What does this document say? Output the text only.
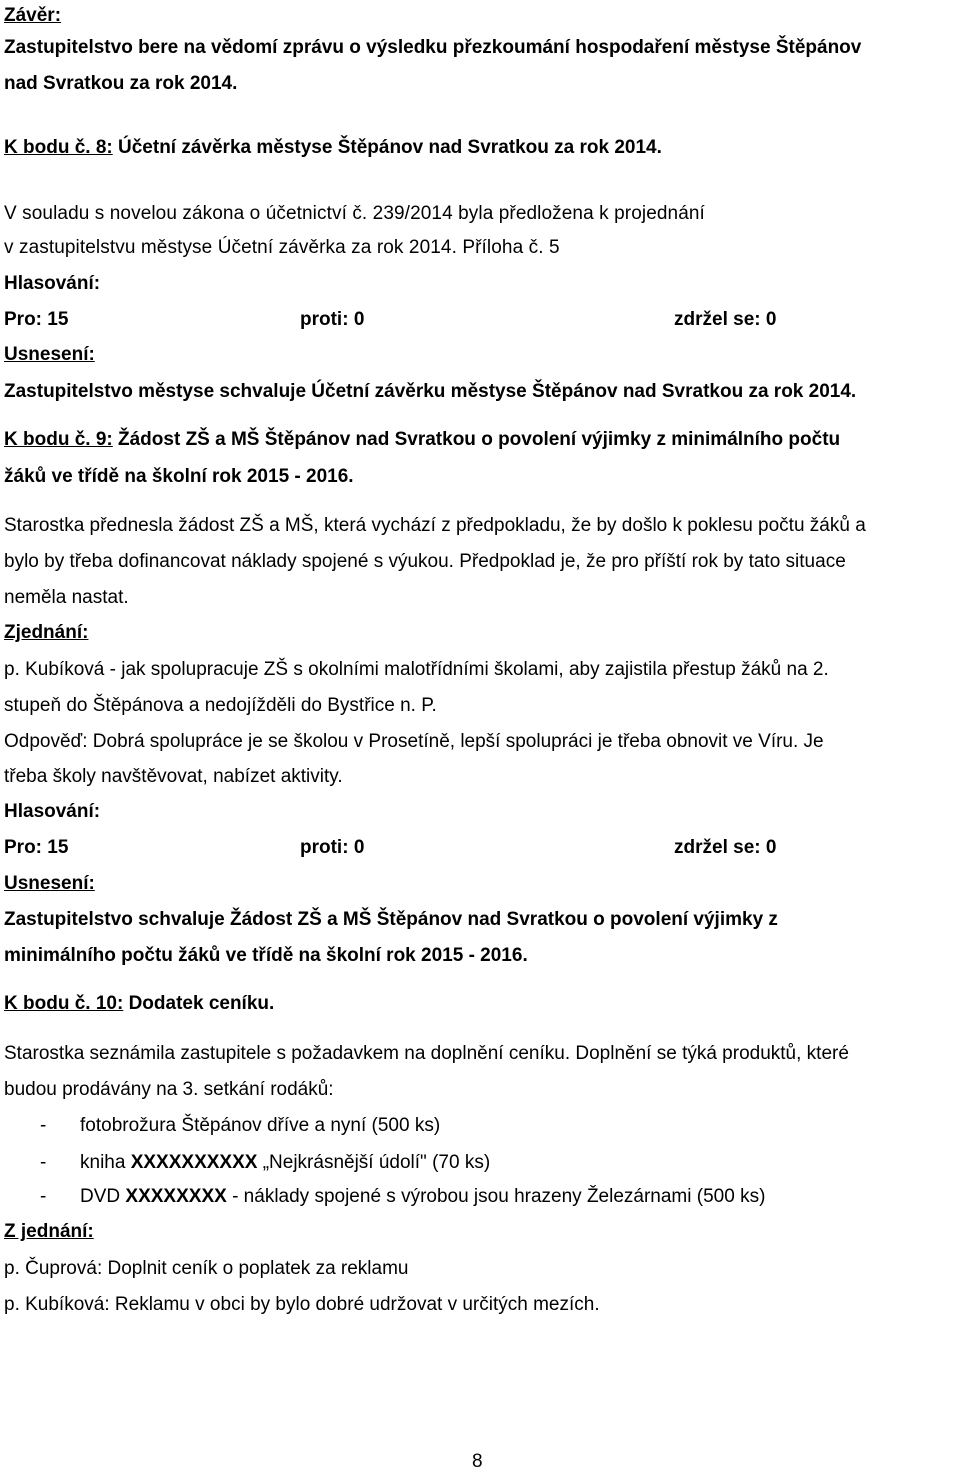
Závěr:
Zastupitelstvo bere na vědomí zprávu o výsledku přezkoumání hospodaření městyse Štěpánov
nad Svratkou za rok 2014.
K bodu č. 8: Účetní závěrka městyse Štěpánov nad Svratkou za rok 2014.
V souladu s novelou zákona o účetnictví č. 239/2014 byla předložena k projednání
v zastupitelstvu městyse Účetní závěrka za rok 2014. Příloha č. 5
Hlasování:
Pro: 15	proti: 0	zdržel se: 0
Usnesení:
Zastupitelstvo městyse schvaluje Účetní závěrku městyse Štěpánov nad Svratkou za rok 2014.
K bodu č. 9: Žádost ZŠ a MŠ Štěpánov nad Svratkou o povolení výjimky z minimálního počtu
žáků ve třídě na školní rok 2015 - 2016.
Starostka přednesla žádost ZŠ a MŠ, která vychází z předpokladu, že by došlo k poklesu počtu žáků a
bylo by třeba dofinancovat náklady spojené s výukou. Předpoklad je, že pro příští rok by tato situace
neměla nastat.
Zjednání:
p. Kubíková - jak spolupracuje ZŠ s okolními malotřídními školami, aby zajistila přestup žáků na 2.
stupeň do Štěpánova a nedojížděli do Bystřice n. P.
Odpověď: Dobrá spolupráce je se školou v Prosetíně, lepší spolupráci je třeba obnovit ve Víru. Je
třeba školy navštěvovat, nabízet aktivity.
Hlasování:
Pro: 15	proti: 0	zdržel se: 0
Usnesení:
Zastupitelstvo schvaluje Žádost ZŠ a MŠ Štěpánov nad Svratkou o povolení výjimky z
minimálního počtu žáků ve třídě na školní rok 2015 - 2016.
K bodu č. 10: Dodatek ceníku.
Starostka seznámila zastupitele s požadavkem na doplnění ceníku. Doplnění se týká produktů, které
budou prodávány na 3. setkání rodáků:
- fotobrožura Štěpánov dříve a nyní (500 ks)
- kniha XXXXXXXXXX „Nejkrásnější údolí" (70 ks)
- DVD XXXXXXXX - náklady spojené s výrobou jsou hrazeny Železárnami (500 ks)
Z jednání:
p. Čuprová: Doplnit ceník o poplatek za reklamu
p. Kubíková: Reklamu v obci by bylo dobré udržovat v určitých mezích.
8
